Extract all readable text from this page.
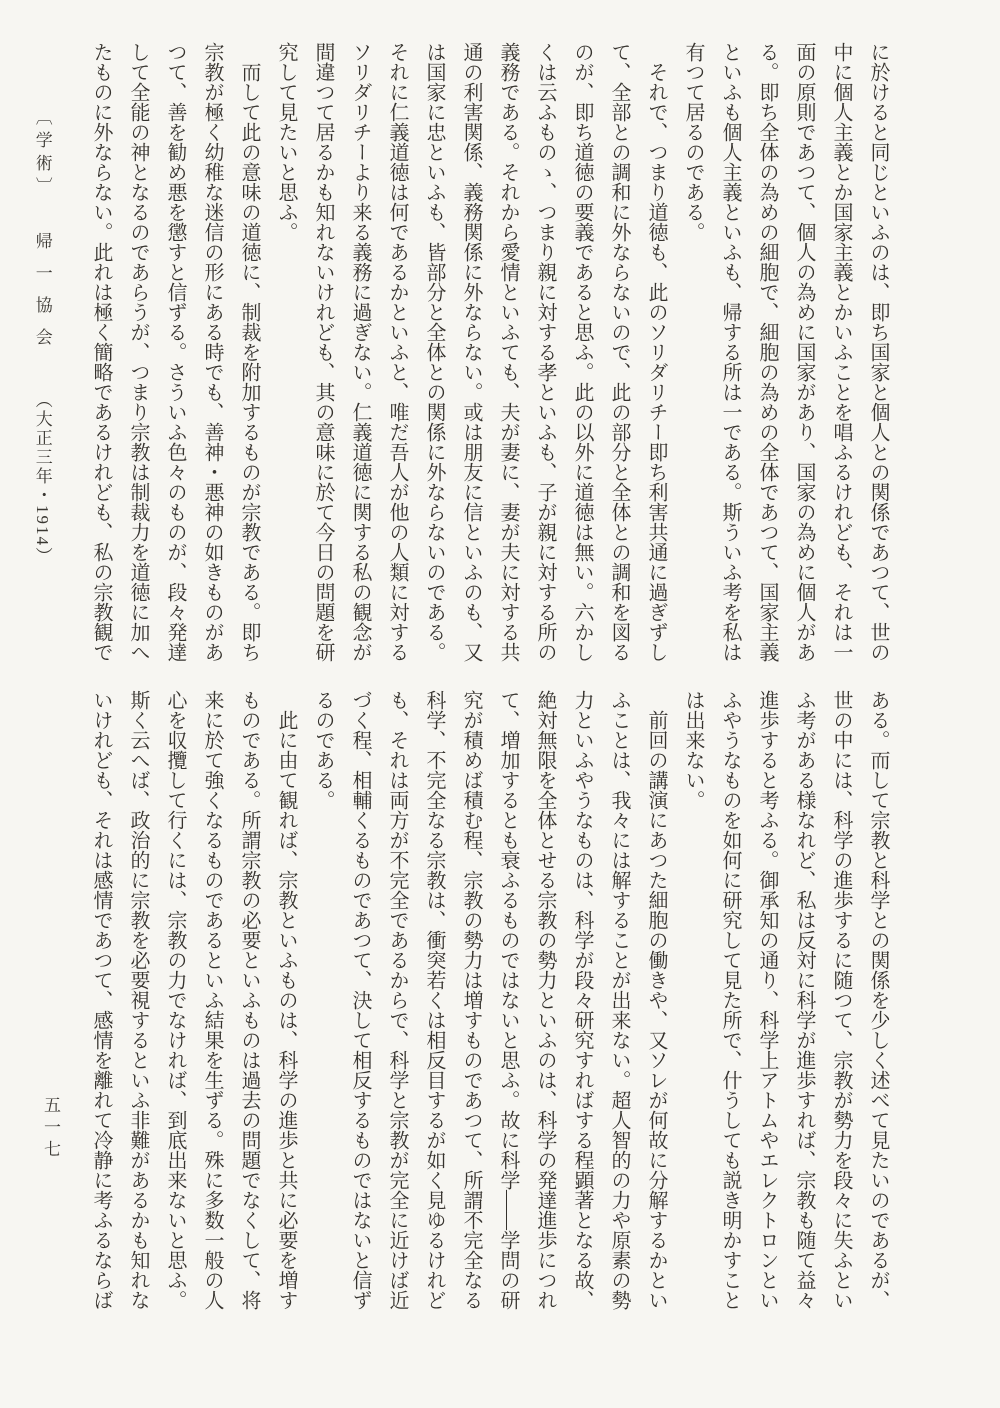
〔学術〕 帰一協会 （大正三年・1914）	に於けると同じといふのは、即ち国家と個人との関係であつて、世の中に個人主義とか国家主義とかいふことを唱ふるけれども、それは一面の原則であつて、個人の為めに国家があり、国家の為めに個人がある。即ち全体の為めの細胞で、細胞の為めの全体であつて、国家主義といふも個人主義といふも、帰する所は一である。斯ういふ考を私は有つて居るのである。

それで、つまり道徳も、此のソリダリチー即ち利害共通に過ぎずして、全部との調和に外ならないので、此の部分と全体との調和を図るのが、即ち道徳の要義であると思ふ。此の以外に道徳は無い。六かしくは云ふものゝ、つまり親に対する孝といふも、子が親に対する所の義務である。それから愛情といふても、夫が妻に、妻が夫に対する共通の利害関係、義務関係に外ならない。或は朋友に信といふのも、又は国家に忠といふも、皆部分と全体との関係に外ならないのである。それに仁義道徳は何であるかといふと、唯だ吾人が他の人類に対するソリダリチーより来る義務に過ぎない。仁義道徳に関する私の観念が間違つて居るかも知れないけれども、其の意味に於て今日の問題を研究して見たいと思ふ。

而して此の意味の道徳に、制裁を附加するものが宗教である。即ち宗教が極く幼稚な迷信の形にある時でも、善神・悪神の如きものがあつて、善を勧め悪を懲すと信ずる。さういふ色々のものが、段々発達して全能の神となるのであらうが、つまり宗教は制裁力を道徳に加へたものに外ならない。此れは極く簡略であるけれども、私の宗教観で

ある。而して宗教と科学との関係を少しく述べて見たいのであるが、世の中には、科学の進歩するに随つて、宗教が勢力を段々に失ふといふ考がある様なれど、私は反対に科学が進歩すれば、宗教も随て益々進歩すると考ふる。御承知の通り、科学上アトムやエレクトロンといふやうなものを如何に研究して見た所で、什うしても説き明かすことは出来ない。

前回の講演にあつた細胞の働きや、又ソレが何故に分解するかといふことは、我々には解することが出来ない。超人智的の力や原素の勢力といふやうなものは、科学が段々研究すればする程顕著となる故、絶対無限を全体とせる宗教の勢力といふのは、科学の発達進歩につれて、増加するとも衰ふるものではないと思ふ。故に科学――学問の研究が積めば積む程、宗教の勢力は増すものであつて、所謂不完全なる科学、不完全なる宗教は、衝突若くは相反目するが如く見ゆるけれども、それは両方が不完全であるからで、科学と宗教が完全に近けば近づく程、相輔くるものであつて、決して相反するものではないと信ずるのである。

此に由て観れば、宗教といふものは、科学の進歩と共に必要を増すものである。所謂宗教の必要といふものは過去の問題でなくして、将来に於て強くなるものであるといふ結果を生ずる。殊に多数一般の人心を収攬して行くには、宗教の力でなければ、到底出来ないと思ふ。斯く云へば、政治的に宗教を必要視するといふ非難があるかも知れないけれども、それは感情であつて、感情を離れて冷静に考ふるならば

五一七
